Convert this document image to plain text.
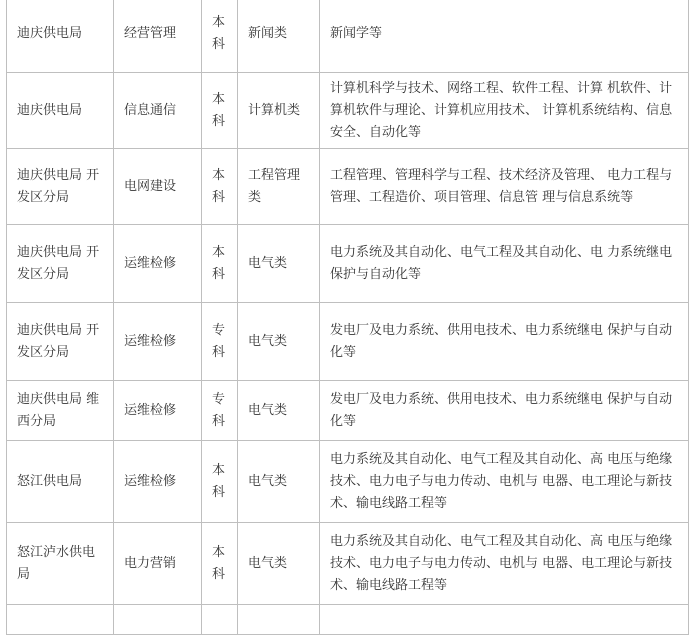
迪庆供电局	经营管理	本科	新闻类	新闻学等
迪庆供电局	信息通信	本科	计算机类	计算机科学与技术、网络工程、软件工程、计算 机软件、计算机软件与理论、计算机应用技术、 计算机系统结构、信息安全、自动化等
迪庆供电局 开发区分局	电网建设	本科	工程管理类	工程管理、管理科学与工程、技术经济及管理、 电力工程与管理、工程造价、项目管理、信息管 理与信息系统等
迪庆供电局 开发区分局	运维检修	本科	电气类	电力系统及其自动化、电气工程及其自动化、电 力系统继电保护与自动化等
迪庆供电局 开发区分局	运维检修	专科	电气类	发电厂及电力系统、供用电技术、电力系统继电 保护与自动化等
迪庆供电局 维西分局	运维检修	专科	电气类	发电厂及电力系统、供用电技术、电力系统继电 保护与自动化等
怒江供电局	运维检修	本科	电气类	电力系统及其自动化、电气工程及其自动化、高 电压与绝缘技术、电力电子与电力传动、电机与 电器、电工理论与新技术、输电线路工程等
怒江泸水供电局	电力营销	本科	电气类	电力系统及其自动化、电气工程及其自动化、高 电压与绝缘技术、电力电子与电力传动、电机与 电器、电工理论与新技术、输电线路工程等
